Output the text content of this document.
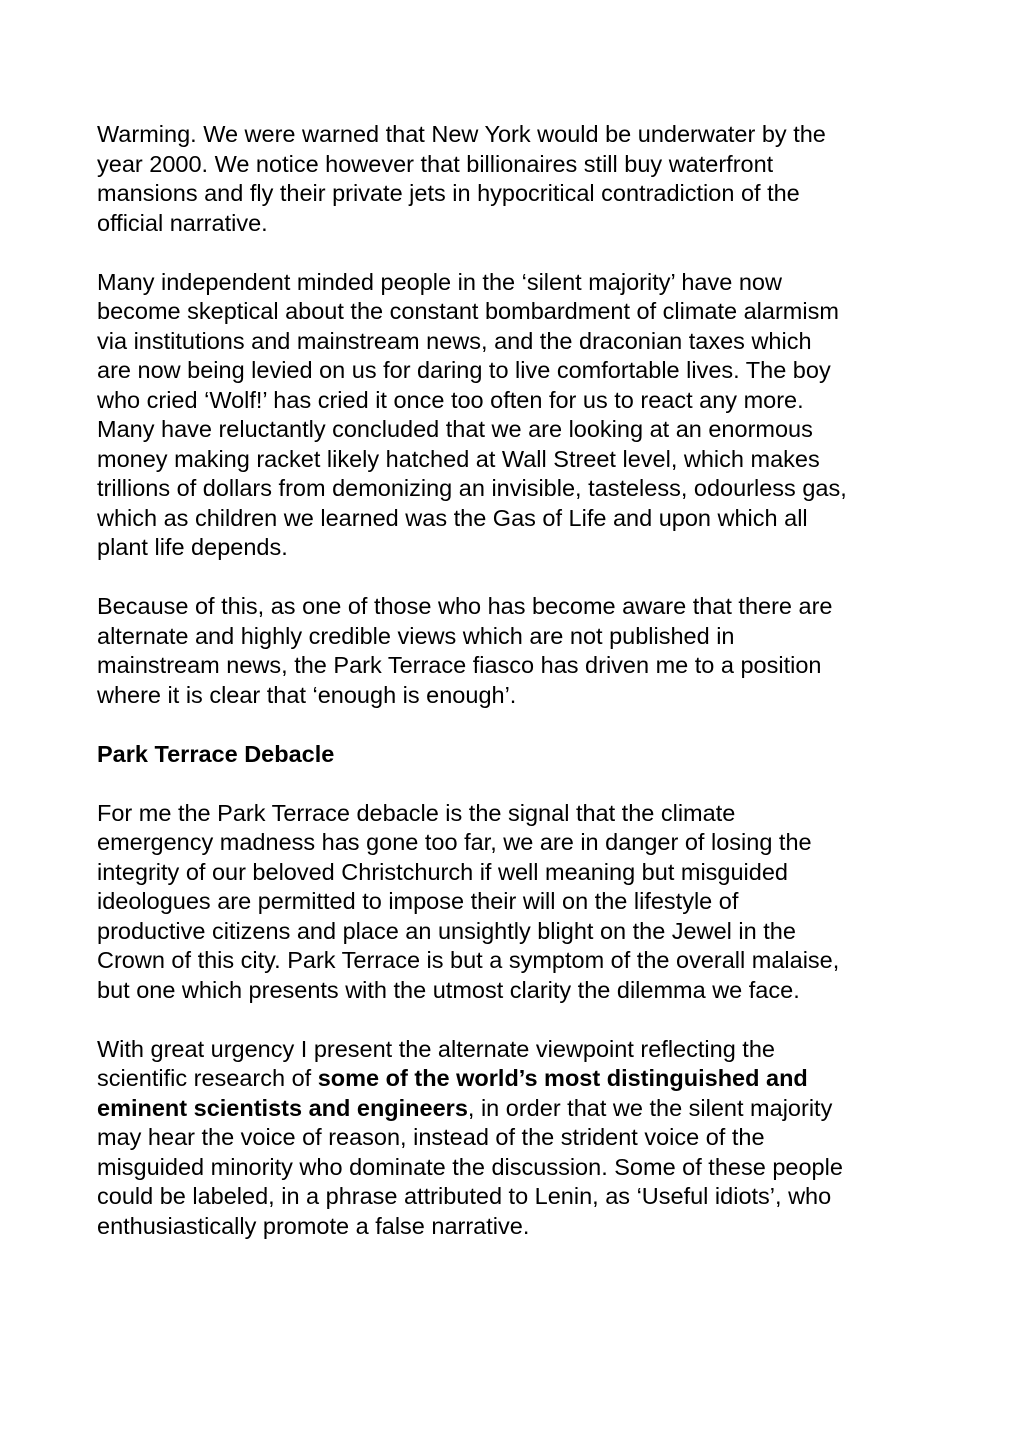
Warming. We were warned that New York would be underwater by the
year 2000. We notice however that billionaires still buy waterfront
mansions and fly their private jets in hypocritical contradiction of the
official narrative.
Many independent minded people in the ‘silent majority’ have now
become skeptical about the constant bombardment of climate alarmism
via institutions and mainstream news, and the draconian taxes which
are now being levied on us for daring to live comfortable lives. The boy
who cried ‘Wolf!’ has cried it once too often for us to react any more.
Many have reluctantly concluded that we are looking at an enormous
money making racket likely hatched at Wall Street level, which makes
trillions of dollars from demonizing an invisible, tasteless, odourless gas,
which as children we learned was the Gas of Life and upon which all
plant life depends.
Because of this, as one of those who has become aware that there are
alternate and highly credible views which are not published in
mainstream news, the Park Terrace fiasco has driven me to a position
where it is clear that ‘enough is enough’.
Park Terrace Debacle
For me the Park Terrace debacle is the signal that the climate
emergency madness has gone too far, we are in danger of losing the
integrity of our beloved Christchurch if well meaning but misguided
ideologues are permitted to impose their will on the lifestyle of
productive citizens and place an unsightly blight on the Jewel in the
Crown of this city. Park Terrace is but a symptom of the overall malaise,
but one which presents with the utmost clarity the dilemma we face.
With great urgency I present the alternate viewpoint reflecting the
scientific research of some of the world’s most distinguished and
eminent scientists and engineers, in order that we the silent majority
may hear the voice of reason, instead of the strident voice of the
misguided minority who dominate the discussion. Some of these people
could be labeled, in a phrase attributed to Lenin, as ‘Useful idiots’, who
enthusiastically promote a false narrative.
